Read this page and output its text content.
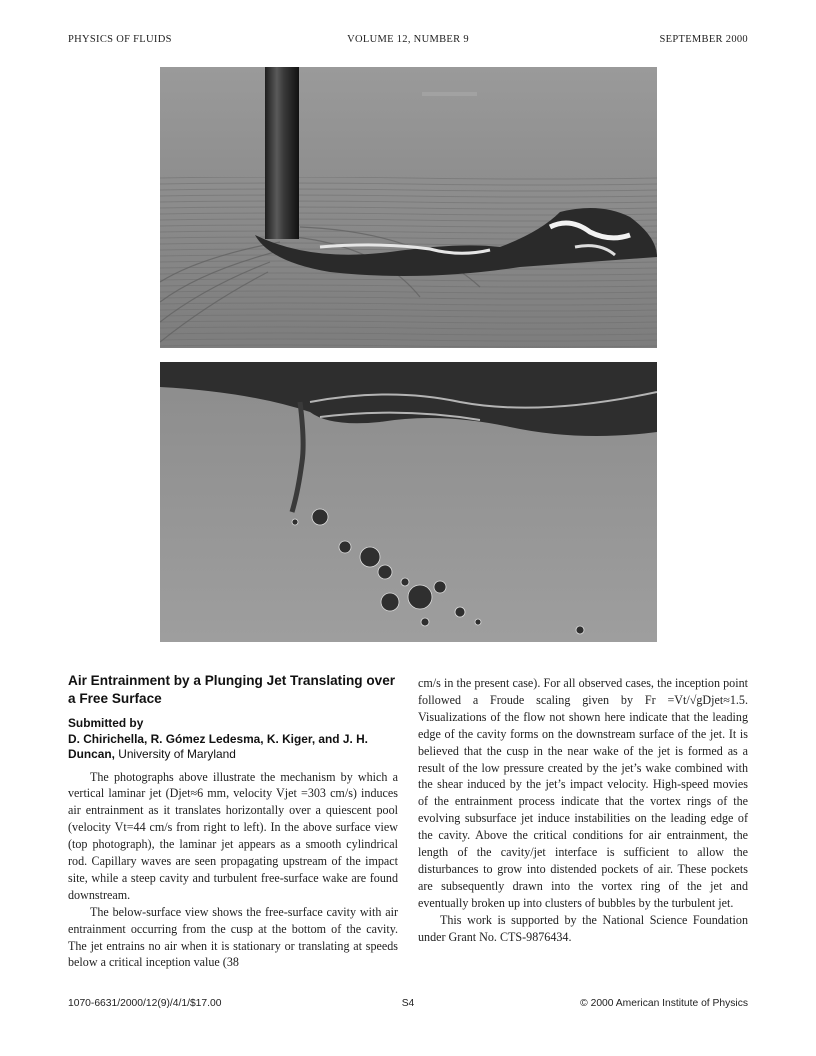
PHYSICS OF FLUIDS	VOLUME 12, NUMBER 9	SEPTEMBER 2000
Air Entrainment by a Plunging Jet Translating over a Free Surface
Submitted by
D. Chirichella, R. Gómez Ledesma, K. Kiger, and J. H. Duncan, University of Maryland

The photographs above illustrate the mechanism by which a vertical laminar jet (Djet≈6 mm, velocity Vjet =303 cm/s) induces air entrainment as it translates horizontally over a quiescent pool (velocity Vt=44 cm/s from right to left). In the above surface view (top photograph), the laminar jet appears as a smooth cylindrical rod. Capillary waves are seen propagating upstream of the impact site, while a steep cavity and turbulent free-surface wake are found downstream.

The below-surface view shows the free-surface cavity with air entrainment occurring from the cusp at the bottom of the cavity. The jet entrains no air when it is stationary or translating at speeds below a critical inception value (38

cm/s in the present case). For all observed cases, the inception point followed a Froude scaling given by Fr =Vt/√gDjet≈1.5. Visualizations of the flow not shown here indicate that the leading edge of the cavity forms on the downstream surface of the jet. It is believed that the cusp in the near wake of the jet is formed as a result of the low pressure created by the jet’s wake combined with the shear induced by the jet’s impact velocity. High-speed movies of the entrainment process indicate that the vortex rings of the evolving subsurface jet induce instabilities on the leading edge of the cavity. Above the critical conditions for air entrainment, the length of the cavity/jet interface is sufficient to allow the disturbances to grow into distended pockets of air. These pockets are subsequently drawn into the vortex ring of the jet and eventually broken up into clusters of bubbles by the turbulent jet.

This work is supported by the National Science Foundation under Grant No. CTS-9876434.

1070-6631/2000/12(9)/4/1/$17.00	S4	© 2000 American Institute of Physics
